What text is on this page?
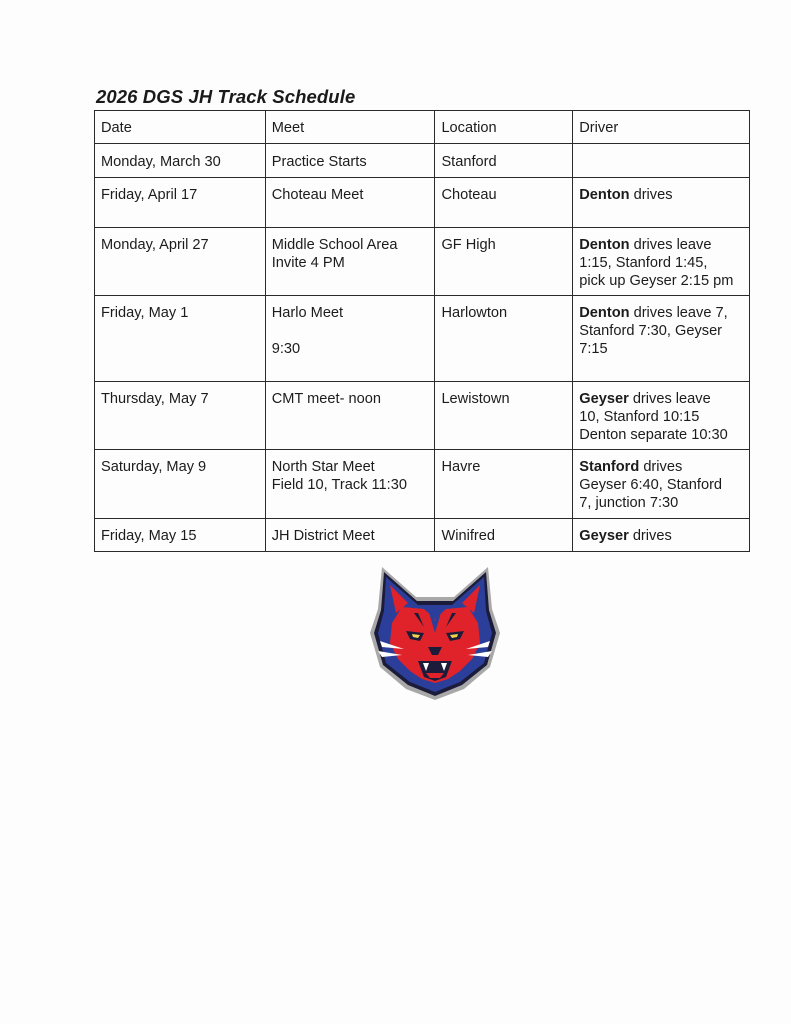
2026 DGS JH Track Schedule
Date	Meet	Location	Driver
Monday, March 30	Practice Starts	Stanford	
Friday, April 17	Choteau Meet	Choteau	Denton drives

Monday, April 27	Middle School Area
Invite 4 PM	GF High	Denton drives leave
1:15, Stanford 1:45,
pick up Geyser 2:15 pm

Friday, May 1	Harlo Meet
9:30	Harlowton	Denton drives leave 7,
Stanford 7:30, Geyser
7:15

Thursday, May 7	CMT meet- noon	Lewistown	Geyser drives leave
10, Stanford 10:15
Denton separate 10:30

Saturday, May 9	North Star Meet
Field 10, Track 11:30	Havre	Stanford drives
Geyser 6:40, Stanford
7, junction 7:30

Friday, May 15	JH District Meet	Winifred	Geyser drives
